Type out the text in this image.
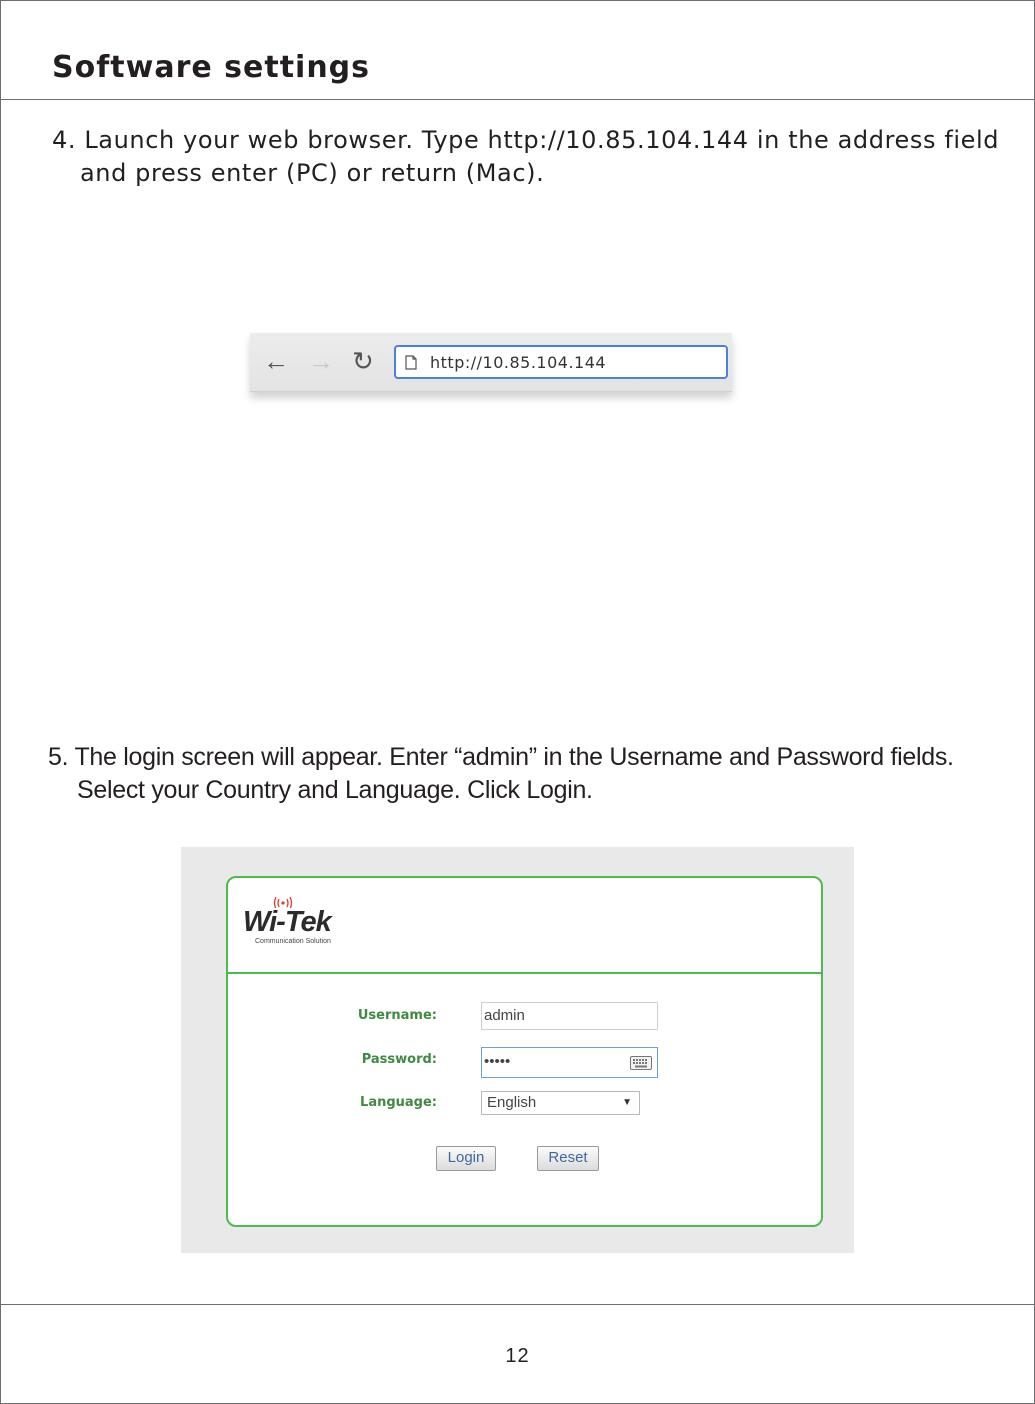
Software settings
4. Launch your web browser. Type http://10.85.104.144 in the address field
and press enter (PC) or return (Mac).
← → ↻	http://10.85.104.144
5. The login screen will appear. Enter “admin” in the Username and Password fields.
Select your Country and Language. Click Login.
Wi-Tek
Communication Solution
Username:	admin
Password:	•••••
Language:	English	▼
Login	Reset
12
